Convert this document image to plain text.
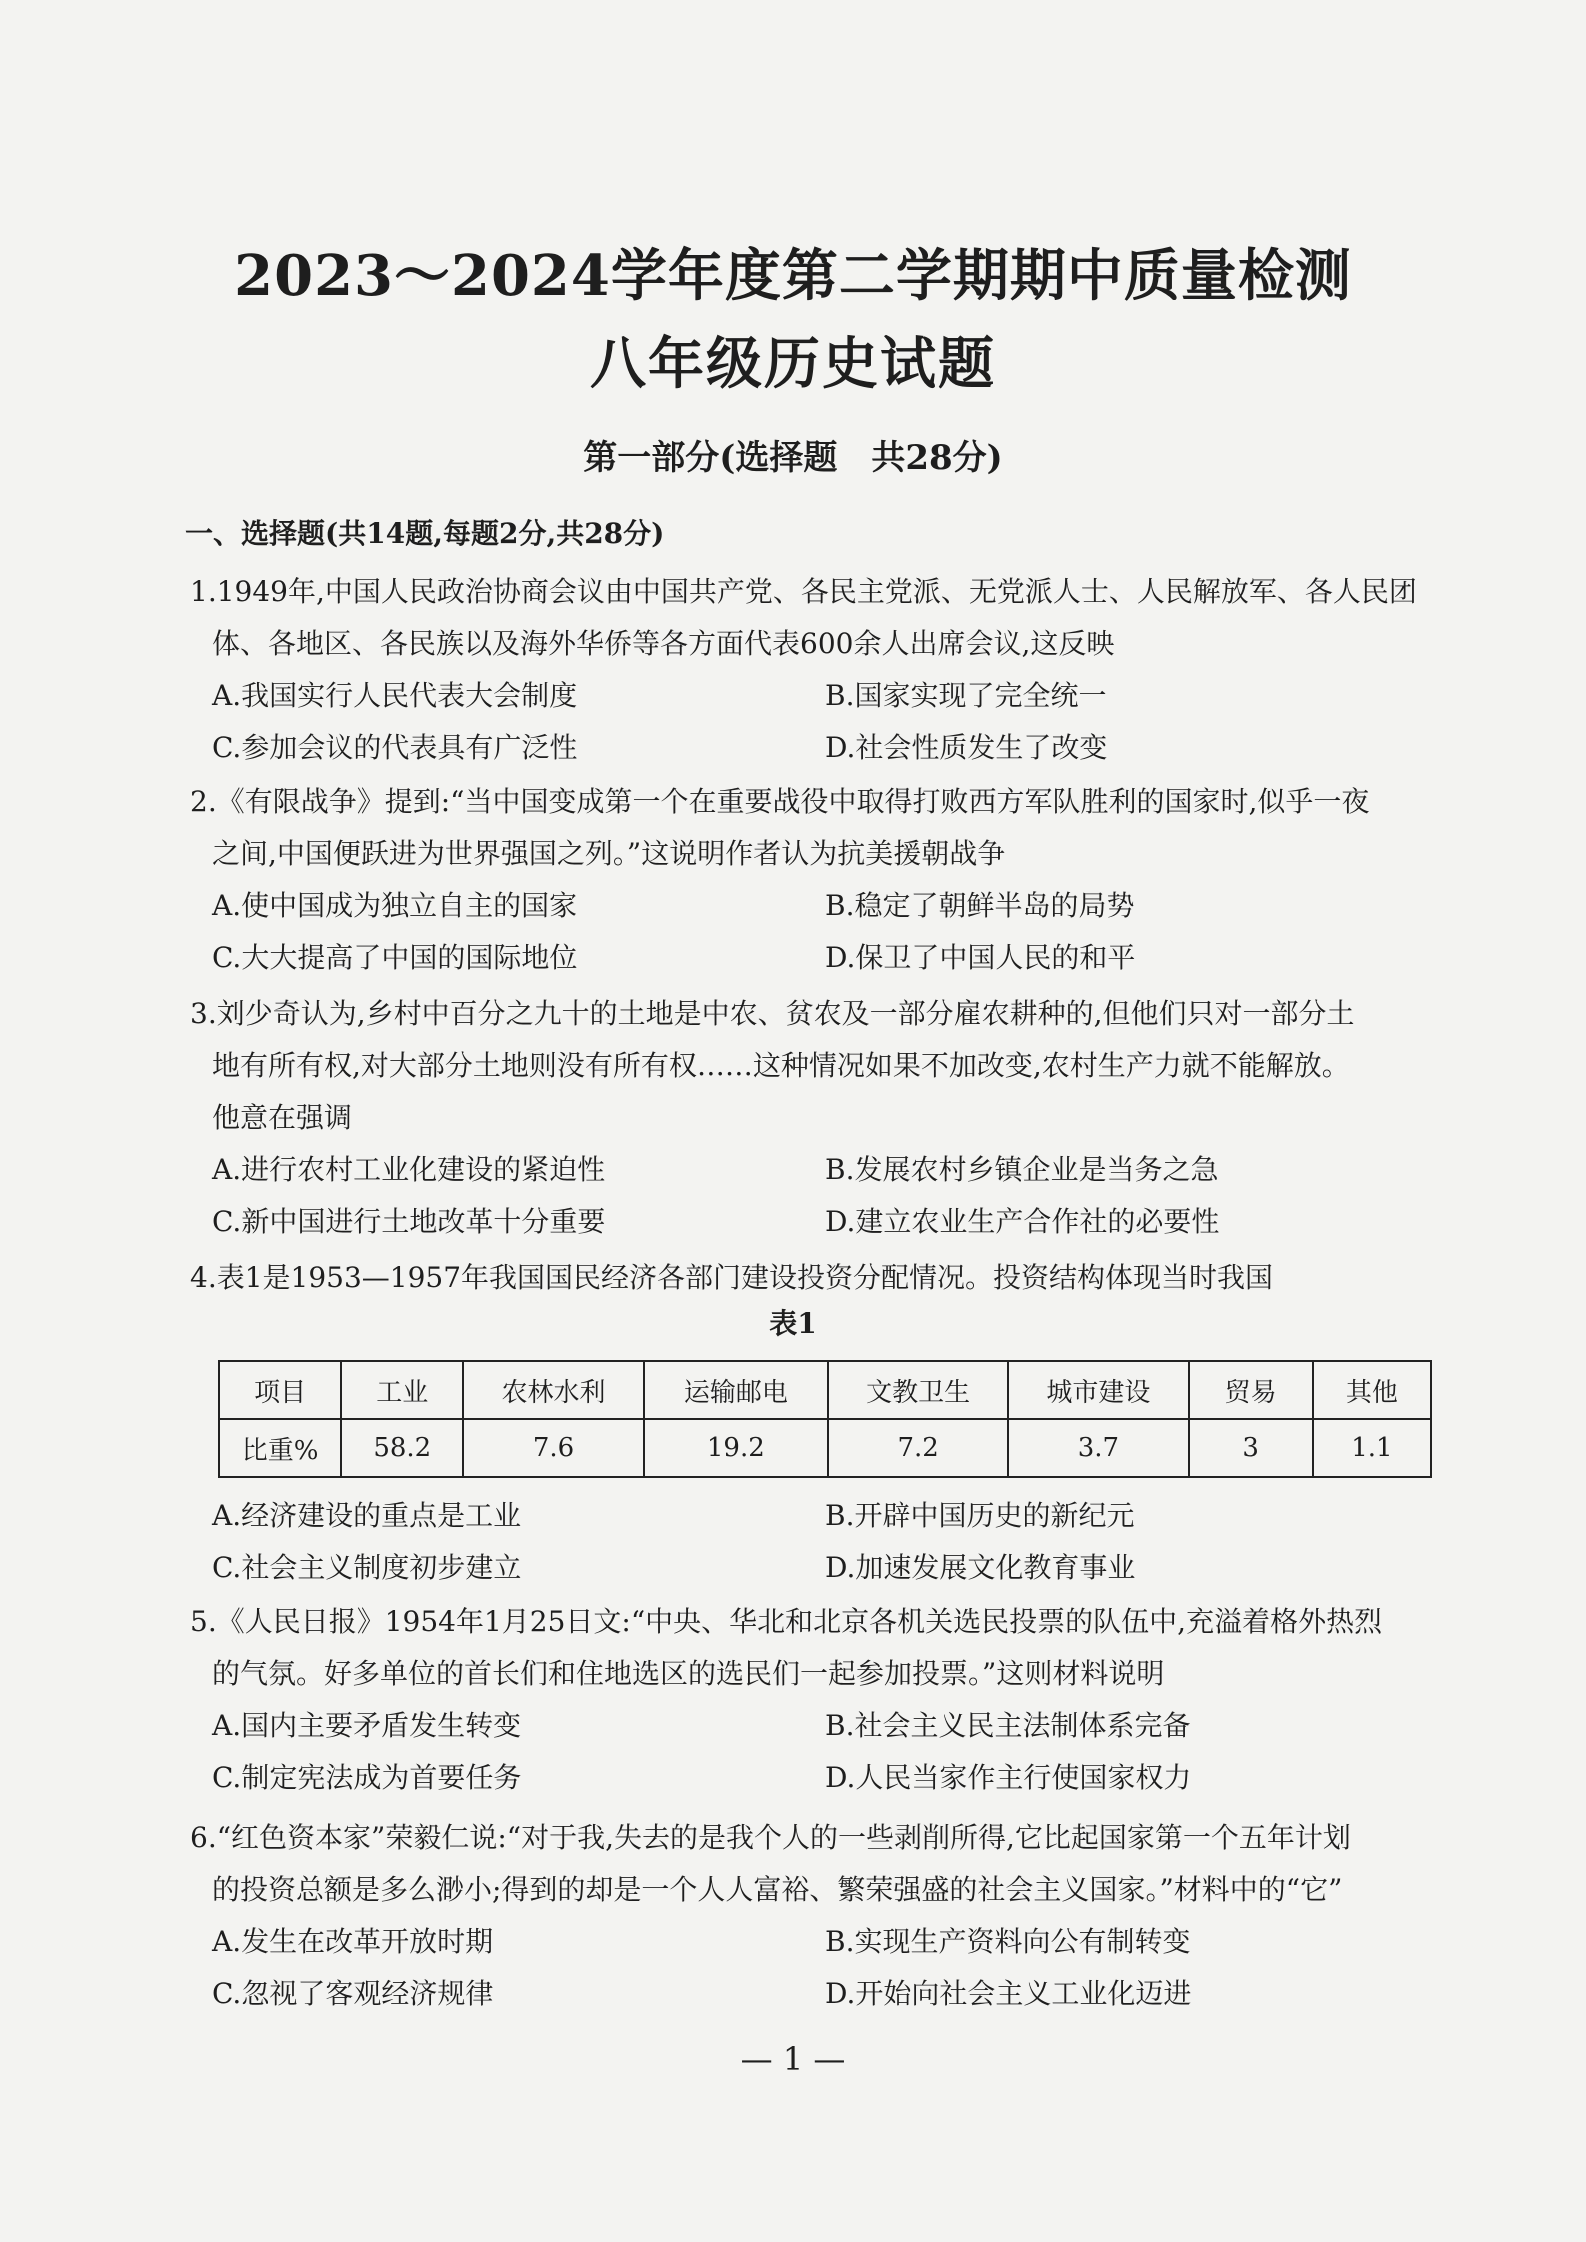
2023～2024学年度第二学期期中质量检测
八年级历史试题
第一部分(选择题　共28分)
一、选择题(共14题,每题2分,共28分)
1.1949年,中国人民政治协商会议由中国共产党、各民主党派、无党派人士、人民解放军、各人民团
体、各地区、各民族以及海外华侨等各方面代表600余人出席会议,这反映
A.我国实行人民代表大会制度	B.国家实现了完全统一
C.参加会议的代表具有广泛性	D.社会性质发生了改变
2.《有限战争》提到:“当中国变成第一个在重要战役中取得打败西方军队胜利的国家时,似乎一夜
之间,中国便跃进为世界强国之列。”这说明作者认为抗美援朝战争
A.使中国成为独立自主的国家	B.稳定了朝鲜半岛的局势
C.大大提高了中国的国际地位	D.保卫了中国人民的和平
3.刘少奇认为,乡村中百分之九十的土地是中农、贫农及一部分雇农耕种的,但他们只对一部分土
地有所有权,对大部分土地则没有所有权……这种情况如果不加改变,农村生产力就不能解放。
他意在强调
A.进行农村工业化建设的紧迫性	B.发展农村乡镇企业是当务之急
C.新中国进行土地改革十分重要	D.建立农业生产合作社的必要性
4.表1是1953—1957年我国国民经济各部门建设投资分配情况。投资结构体现当时我国
表1
项目	工业	农林水利	运输邮电	文教卫生	城市建设	贸易	其他
比重%	58.2	7.6	19.2	7.2	3.7	3	1.1
A.经济建设的重点是工业	B.开辟中国历史的新纪元
C.社会主义制度初步建立	D.加速发展文化教育事业
5.《人民日报》1954年1月25日文:“中央、华北和北京各机关选民投票的队伍中,充溢着格外热烈
的气氛。好多单位的首长们和住地选区的选民们一起参加投票。”这则材料说明
A.国内主要矛盾发生转变	B.社会主义民主法制体系完备
C.制定宪法成为首要任务	D.人民当家作主行使国家权力
6.“红色资本家”荣毅仁说:“对于我,失去的是我个人的一些剥削所得,它比起国家第一个五年计划
的投资总额是多么渺小;得到的却是一个人人富裕、繁荣强盛的社会主义国家。”材料中的“它”
A.发生在改革开放时期	B.实现生产资料向公有制转变
C.忽视了客观经济规律	D.开始向社会主义工业化迈进
— 1 —
